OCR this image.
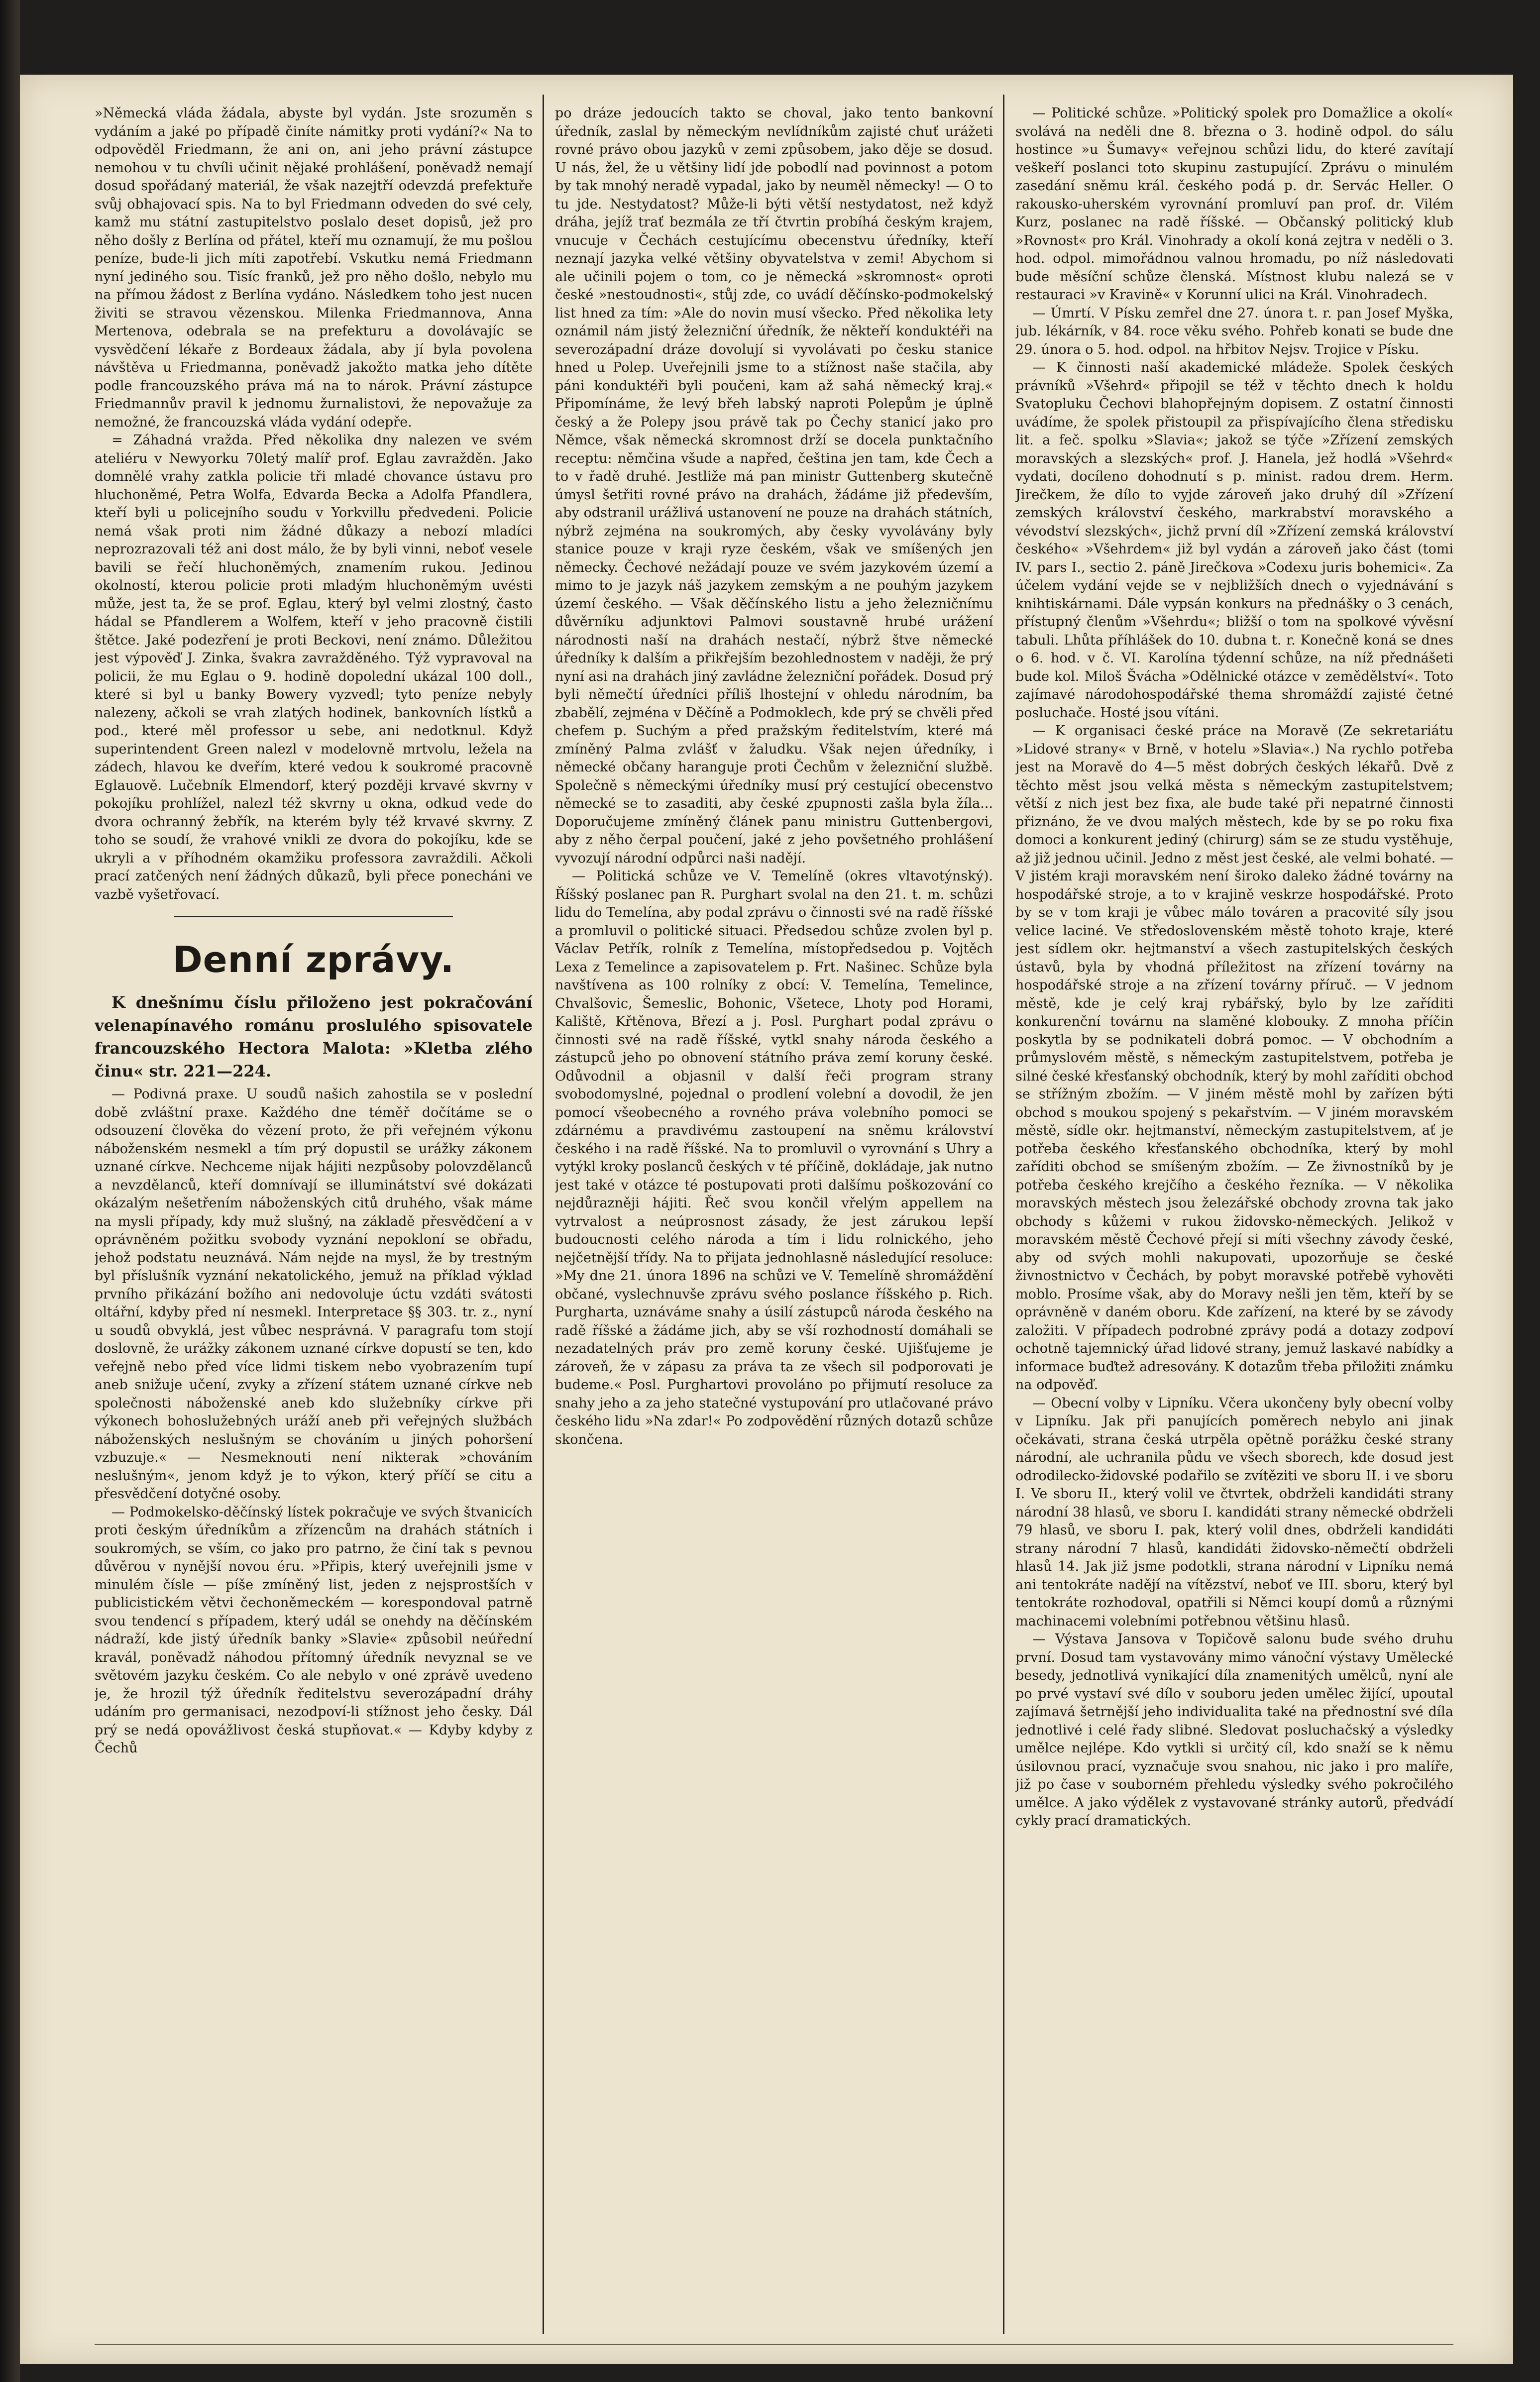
»Německá vláda žádala, abyste byl vydán. Jste srozuměn s vydáním a jaké po případě činíte námitky proti vydání?« Na to odpověděl Friedmann, že ani on, ani jeho právní zástupce nemohou v tu chvíli učinit nějaké prohlášení, poněvadž nemají dosud spořádaný materiál, že však nazejtří odevzdá prefektuře svůj obhajovací spis. Na to byl Friedmann odveden do své cely, kamž mu státní zastupitelstvo poslalo deset dopisů, jež pro něho došly z Berlína od přátel, kteří mu oznamují, že mu pošlou peníze, bude-li jich míti zapotřebí. Vskutku nemá Friedmann nyní jediného sou. Tisíc franků, jež pro něho došlo, nebylo mu na přímou žádost z Berlína vydáno. Následkem toho jest nucen živiti se stravou vězenskou. Milenka Friedmannova, Anna Mertenova, odebrala se na prefekturu a dovolávajíc se vysvědčení lékaře z Bordeaux žádala, aby jí byla povolena návštěva u Friedmanna, poněvadž jakožto matka jeho dítěte podle francouzského práva má na to nárok. Právní zástupce Friedmannův pravil k jednomu žurnalistovi, že nepovažuje za nemožné, že francouzská vláda vydání odepře.

= Záhadná vražda. Před několika dny nalezen ve svém ateliéru v Newyorku 70letý malíř prof. Eglau zavražděn. Jako domnělé vrahy zatkla policie tři mladé chovance ústavu pro hluchoněmé, Petra Wolfa, Edvarda Becka a Adolfa Pfandlera, kteří byli u policejního soudu v Yorkvillu předvedeni. Policie nemá však proti nim žádné důkazy a nebozí mladíci neprozrazovali též ani dost málo, že by byli vinni, neboť vesele bavili se řečí hluchoněmých, znamením rukou. Jedinou okolností, kterou policie proti mladým hluchoněmým uvésti může, jest ta, že se prof. Eglau, který byl velmi zlostný, často hádal se Pfandlerem a Wolfem, kteří v jeho pracovně čistili štětce. Jaké podezření je proti Beckovi, není známo. Důležitou jest výpověď J. Zinka, švakra zavražděného. Týž vypravoval na policii, že mu Eglau o 9. hodině dopolední ukázal 100 doll., které si byl u banky Bowery vyzvedl; tyto peníze nebyly nalezeny, ačkoli se vrah zlatých hodinek, bankovních lístků a pod., které měl professor u sebe, ani nedotknul. Když superintendent Green nalezl v modelovně mrtvolu, ležela na zádech, hlavou ke dveřím, které vedou k soukromé pracovně Eglauově. Lučebník Elmendorf, který později krvavé skvrny v pokojíku prohlížel, nalezl též skvrny u okna, odkud vede do dvora ochranný žebřík, na kterém byly též krvavé skvrny. Z toho se soudí, že vrahové vnikli ze dvora do pokojíku, kde se ukryli a v příhodném okamžiku professora zavraždili. Ačkoli prací zatčených není žádných důkazů, byli přece ponecháni ve vazbě vyšetřovací.

Denní zprávy.

K dnešnímu číslu přiloženo jest pokračování velenapínavého románu proslulého spisovatele francouzského Hectora Malota: »Kletba zlého činu« str. 221—224.

— Podivná praxe. U soudů našich zahostila se v poslední době zvláštní praxe. Každého dne téměř dočítáme se o odsouzení člověka do vězení proto, že při veřejném výkonu náboženském nesmekl a tím prý dopustil se urážky zákonem uznané církve. Nechceme nijak hájiti nezpůsoby polovzdělanců a nevzdělanců, kteří domnívají se illuminátství své dokázati okázalým nešetřením náboženských citů druhého, však máme na mysli případy, kdy muž slušný, na základě přesvědčení a v oprávněném požitku svobody vyznání nepokloní se obřadu, jehož podstatu neuznává. Nám nejde na mysl, že by trestným byl příslušník vyznání nekatolického, jemuž na příklad výklad prvního přikázání božího ani nedovoluje úctu vzdáti svátosti oltářní, kdyby před ní nesmekl. Interpretace §§ 303. tr. z., nyní u soudů obvyklá, jest vůbec nesprávná. V paragrafu tom stojí doslovně, že urážky zákonem uznané církve dopustí se ten, kdo veřejně nebo před více lidmi tiskem nebo vyobrazením tupí aneb snižuje učení, zvyky a zřízení státem uznané církve neb společnosti náboženské aneb kdo služebníky církve při výkonech bohoslužebných uráží aneb při veřejných službách náboženských neslušným se chováním u jiných pohoršení vzbuzuje.« — Nesmeknouti není nikterak »chováním neslušným«, jenom když je to výkon, který příčí se citu a přesvědčení dotyčné osoby.

— Podmokelsko-děčínský lístek pokračuje ve svých štvanicích proti českým úředníkům a zřízencům na drahách státních i soukromých, se vším, co jako pro patrno, že činí tak s pevnou důvěrou v nynější novou éru. »Připis, který uveřejnili jsme v minulém čísle — píše zmíněný list, jeden z nejsprostších v publicistickém větvi čechoněmeckém — korespondoval patrně svou tendencí s případem, který udál se onehdy na děčínském nádraží, kde jistý úředník banky »Slavie« způsobil neúřední kravál, poněvadž náhodou přítomný úředník nevyznal se ve světovém jazyku českém. Co ale nebylo v oné zprávě uvedeno je, že hrozil týž úředník ředitelstvu severozápadní dráhy udáním pro germanisaci, nezodpoví-li stížnost jeho česky. Dál prý se nedá opovážlivost česká stupňovat.« — Kdyby kdyby z Čechů

po dráze jedoucích takto se choval, jako tento bankovní úředník, zaslal by německým nevlídníkům zajisté chuť urážeti rovné právo obou jazyků v zemi způsobem, jako děje se dosud. U nás, žel, že u většiny lidí jde pobodlí nad povinnost a potom by tak mnohý neradě vypadal, jako by neuměl německy! — O to tu jde. Nestydatost? Může-li býti větší nestydatost, než když dráha, jejíž trať bezmála ze tří čtvrtin probíhá českým krajem, vnucuje v Čechách cestujícímu obecenstvu úředníky, kteří neznají jazyka velké většiny obyvatelstva v zemi! Abychom si ale učinili pojem o tom, co je německá »skromnost« oproti české »nestoudnosti«, stůj zde, co uvádí děčínsko-podmokelský list hned za tím: »Ale do novin musí všecko. Před několika lety oznámil nám jistý železniční úředník, že někteří konduktéři na severozápadní dráze dovolují si vyvolávati po česku stanice hned u Polep. Uveřejnili jsme to a stížnost naše stačila, aby páni konduktéři byli poučeni, kam až sahá německý kraj.« Připomínáme, že levý břeh labský naproti Polepům je úplně český a že Polepy jsou právě tak po Čechy stanicí jako pro Němce, však německá skromnost drží se docela punktačního receptu: němčina všude a napřed, čeština jen tam, kde Čech a to v řadě druhé. Jestliže má pan ministr Guttenberg skutečně úmysl šetřiti rovné právo na drahách, žádáme již především, aby odstranil urážlivá ustanovení ne pouze na drahách státních, nýbrž zejména na soukromých, aby česky vyvolávány byly stanice pouze v kraji ryze českém, však ve smíšených jen německy. Čechové nežádají pouze ve svém jazykovém území a mimo to je jazyk náš jazykem zemským a ne pouhým jazykem území českého. — Však děčínského listu a jeho železničnímu důvěrníku adjunktovi Palmovi soustavně hrubé urážení národnosti naší na drahách nestačí, nýbrž štve německé úředníky k dalším a přikřejším bezohlednostem v naději, že prý nyní asi na drahách jiný zavládne železniční pořádek. Dosud prý byli němečtí úředníci příliš lhostejní v ohledu národním, ba zbabělí, zejména v Děčíně a Podmoklech, kde prý se chvěli před chefem p. Suchým a před pražským ředitelstvím, které má zmíněný Palma zvlášť v žaludku. Však nejen úředníky, i německé občany haranguje proti Čechům v železniční službě. Společně s německými úředníky musí prý cestující obecenstvo německé se to zasaditi, aby české zpupnosti zašla byla žíla... Doporučujeme zmíněný článek panu ministru Guttenbergovi, aby z něho čerpal poučení, jaké z jeho povšetného prohlášení vyvozují národní odpůrci naši nadějí.

— Politická schůze ve V. Temelíně (okres vltavotýnský). Říšský poslanec pan R. Purghart svolal na den 21. t. m. schůzi lidu do Temelína, aby podal zprávu o činnosti své na radě říšské a promluvil o politické situaci. Předsedou schůze zvolen byl p. Václav Petřík, rolník z Temelína, místopředsedou p. Vojtěch Lexa z Temelince a zapisovatelem p. Frt. Našinec. Schůze byla navštívena as 100 rolníky z obcí: V. Temelína, Temelince, Chvalšovic, Šemeslic, Bohonic, Všetece, Lhoty pod Horami, Kaliště, Křtěnova, Březí a j. Posl. Purghart podal zprávu o činnosti své na radě říšské, vytkl snahy národa českého a zástupců jeho po obnovení státního práva zemí koruny české. Odůvodnil a objasnil v další řeči program strany svobodomyslné, pojednal o prodlení volební a dovodil, že jen pomocí všeobecného a rovného práva volebního pomoci se zdárnému a pravdivému zastoupení na sněmu království českého i na radě říšské. Na to promluvil o vyrovnání s Uhry a vytýkl kroky poslanců českých v té příčině, dokládaje, jak nutno jest také v otázce té postupovati proti dalšímu poškozování co nejdůrazněji hájiti. Řeč svou končil vřelým appellem na vytrvalost a neúprosnost zásady, že jest zárukou lepší budoucnosti celého národa a tím i lidu rolnického, jeho nejčetnější třídy. Na to přijata jednohlasně následující resoluce: »My dne 21. února 1896 na schůzi ve V. Temelíně shromáždění občané, vyslechnuvše zprávu svého poslance říšského p. Rich. Purgharta, uznáváme snahy a úsilí zástupců národa českého na radě říšské a žádáme jich, aby se vší rozhodností domáhali se nezadatelných práv pro země koruny české. Ujišťujeme je zároveň, že v zápasu za práva ta ze všech sil podporovati je budeme.« Posl. Purghartovi provoláno po přijmutí resoluce za snahy jeho a za jeho statečné vystupování pro utlačované právo českého lidu »Na zdar!« Po zodpovědění různých dotazů schůze skončena.

— Politické schůze. »Politický spolek pro Domažlice a okolí« svolává na neděli dne 8. března o 3. hodině odpol. do sálu hostince »u Šumavy« veřejnou schůzi lidu, do které zavítají veškeří poslanci toto skupinu zastupující. Zprávu o minulém zasedání sněmu král. českého podá p. dr. Servác Heller. O rakousko-uherském vyrovnání promluví pan prof. dr. Vilém Kurz, poslanec na radě říšské. — Občanský politický klub »Rovnost« pro Král. Vinohrady a okolí koná zejtra v neděli o 3. hod. odpol. mimořádnou valnou hromadu, po níž následovati bude měsíční schůze členská. Místnost klubu nalezá se v restauraci »v Kravině« v Korunní ulici na Král. Vinohradech.

— Úmrtí. V Písku zemřel dne 27. února t. r. pan Josef Myška, jub. lékárník, v 84. roce věku svého. Pohřeb konati se bude dne 29. února o 5. hod. odpol. na hřbitov Nejsv. Trojice v Písku.

— K činnosti naší akademické mládeže. Spolek českých právníků »Všehrd« připojil se též v těchto dnech k holdu Svatopluku Čechovi blahopřejným dopisem. Z ostatní činnosti uvádíme, že spolek přistoupil za přispívajícího člena středisku lit. a feč. spolku »Slavia«; jakož se týče »Zřízení zemských moravských a slezských« prof. J. Hanela, jež hodlá »Všehrd« vydati, docíleno dohodnutí s p. minist. radou drem. Herm. Jirečkem, že dílo to vyjde zároveň jako druhý díl »Zřízení zemských království českého, markrabství moravského a vévodství slezských«, jichž první díl »Zřízení zemská království českého« »Všehrdem« již byl vydán a zároveň jako část (tomi IV. pars I., sectio 2. páně Jirečkova »Codexu juris bohemici«. Za účelem vydání vejde se v nejbližších dnech o vyjednávání s knihtiskárnami. Dále vypsán konkurs na přednášky o 3 cenách, přístupný členům »Všehrdu«; bližší o tom na spolkové vývěsní tabuli. Lhůta příhlášek do 10. dubna t. r. Konečně koná se dnes o 6. hod. v č. VI. Karolína týdenní schůze, na níž přednášeti bude kol. Miloš Švácha »Odělnické otázce v zemědělství«. Toto zajímavé národohospodářské thema shromáždí zajisté četné posluchače. Hosté jsou vítáni.

— K organisaci české práce na Moravě (Ze sekretariátu »Lidové strany« v Brně, v hotelu »Slavia«.) Na rychlo potřeba jest na Moravě do 4—5 měst dobrých českých lékařů. Dvě z těchto měst jsou velká města s německým zastupitelstvem; větší z nich jest bez fixa, ale bude také při nepatrné činnosti přiznáno, že ve dvou malých městech, kde by se po roku fixa domoci a konkurent jediný (chirurg) sám se ze studu vystěhuje, až již jednou učinil. Jedno z měst jest české, ale velmi bohaté. — V jistém kraji moravském není široko daleko žádné továrny na hospodářské stroje, a to v krajině veskrze hospodářské. Proto by se v tom kraji je vůbec málo továren a pracovité síly jsou velice laciné. Ve středoslovenském městě tohoto kraje, které jest sídlem okr. hejtmanství a všech zastupitelských českých ústavů, byla by vhodná příležitost na zřízení továrny na hospodářské stroje a na zřízení továrny příruč. — V jednom městě, kde je celý kraj rybářský, bylo by lze zaříditi konkurenční továrnu na slaměné klobouky. Z mnoha příčin poskytla by se podnikateli dobrá pomoc. — V obchodním a průmyslovém městě, s německým zastupitelstvem, potřeba je silné české křesťanský obchodník, který by mohl zaříditi obchod se střížným zbožím. — V jiném městě mohl by zařízen býti obchod s moukou spojený s pekařstvím. — V jiném moravském městě, sídle okr. hejtmanství, německým zastupitelstvem, ať je potřeba českého křesťanského obchodníka, který by mohl zaříditi obchod se smíšeným zbožím. — Ze živnostníků by je potřeba českého krejčího a českého řezníka. — V několika moravských městech jsou železářské obchody zrovna tak jako obchody s kůžemi v rukou židovsko-německých. Jelikož v moravském městě Čechové přejí si míti všechny závody české, aby od svých mohli nakupovati, upozorňuje se české živnostnictvo v Čechách, by pobyt moravské potřebě vyhověti moblo. Prosíme však, aby do Moravy nešli jen těm, kteří by se oprávněně v daném oboru. Kde zařízení, na které by se závody založiti. V případech podrobné zprávy podá a dotazy zodpoví ochotně tajemnický úřad lidové strany, jemuž laskavé nabídky a informace buďtež adresovány. K dotazům třeba přiložiti známku na odpověď.

— Obecní volby v Lipníku. Včera ukončeny byly obecní volby v Lipníku. Jak při panujících poměrech nebylo ani jinak očekávati, strana česká utrpěla opětně porážku české strany národní, ale uchranila půdu ve všech sborech, kde dosud jest odrodilecko-židovské podařilo se zvítěziti ve sboru II. i ve sboru I. Ve sboru II., který volil ve čtvrtek, obdrželi kandidáti strany národní 38 hlasů, ve sboru I. kandidáti strany německé obdrželi 79 hlasů, ve sboru I. pak, který volil dnes, obdrželi kandidáti strany národní 7 hlasů, kandidáti židovsko-němečtí obdrželi hlasů 14. Jak již jsme podotkli, strana národní v Lipníku nemá ani tentokráte nadějí na vítězství, neboť ve III. sboru, který byl tentokráte rozhodoval, opatřili si Němci koupí domů a různými machinacemi volebními potřebnou většinu hlasů.

— Výstava Jansova v Topičově salonu bude svého druhu první. Dosud tam vystavovány mimo vánoční výstavy Umělecké besedy, jednotlivá vynikající díla znamenitých umělců, nyní ale po prvé vystaví své dílo v souboru jeden umělec žijící, upoutal zajímavá šetrnější jeho individualita také na přednostní své díla jednotlivé i celé řady slibné. Sledovat posluchačský a výsledky umělce nejlépe. Kdo vytkli si určitý cíl, kdo snaží se k němu úsilovnou prací, vyznačuje svou snahou, nic jako i pro malíře, již po čase v souborném přehledu výsledky svého pokročilého umělce. A jako výdělek z vystavované stránky autorů, předvádí cykly prací dramatických.
